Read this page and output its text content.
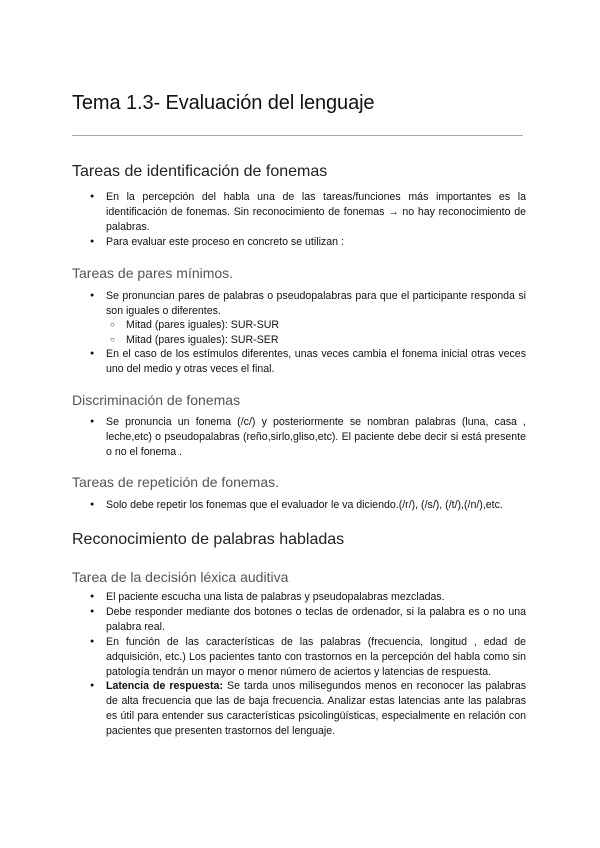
Tema 1.3- Evaluación del lenguaje
Tareas de identificación de fonemas
● En la percepción del habla una de las tareas/funciones más importantes es la identificación de fonemas. Sin reconocimiento de fonemas → no hay reconocimiento de palabras.
● Para evaluar este proceso en concreto se utilizan :
Tareas de pares mínimos.
● Se pronuncian pares de palabras o pseudopalabras para que el participante responda si son iguales o diferentes.
○ Mitad (pares iguales): SUR-SUR
○ Mitad (pares iguales): SUR-SER
● En el caso de los estímulos diferentes, unas veces cambia el fonema inicial otras veces uno del medio y otras veces el final.
Discriminación de fonemas
● Se pronuncia un fonema (/c/) y posteriormente se nombran palabras (luna, casa , leche,etc) o pseudopalabras (reño,sirlo,gliso,etc). El paciente debe decir si está presente o no el fonema .
Tareas de repetición de fonemas.
● Solo debe repetir los fonemas que el evaluador le va diciendo.(/r/), (/s/), (/t/),(/n/),etc.
Reconocimiento de palabras habladas
Tarea de la decisión léxica auditiva
● El paciente escucha una lista de palabras y pseudopalabras mezcladas.
● Debe responder mediante dos botones o teclas de ordenador, si la palabra es o no una palabra real.
● En función de las características de las palabras (frecuencia, longitud , edad de adquisición, etc.) Los pacientes tanto con trastornos en la percepción del habla como sin patología tendrán un mayor o menor número de aciertos y latencias de respuesta.
● Latencia de respuesta: Se tarda unos milisegundos menos en reconocer las palabras de alta frecuencia que las de baja frecuencia. Analizar estas latencias ante las palabras es útil para entender sus características psicolingüísticas, especialmente en relación con pacientes que presenten trastornos del lenguaje.
